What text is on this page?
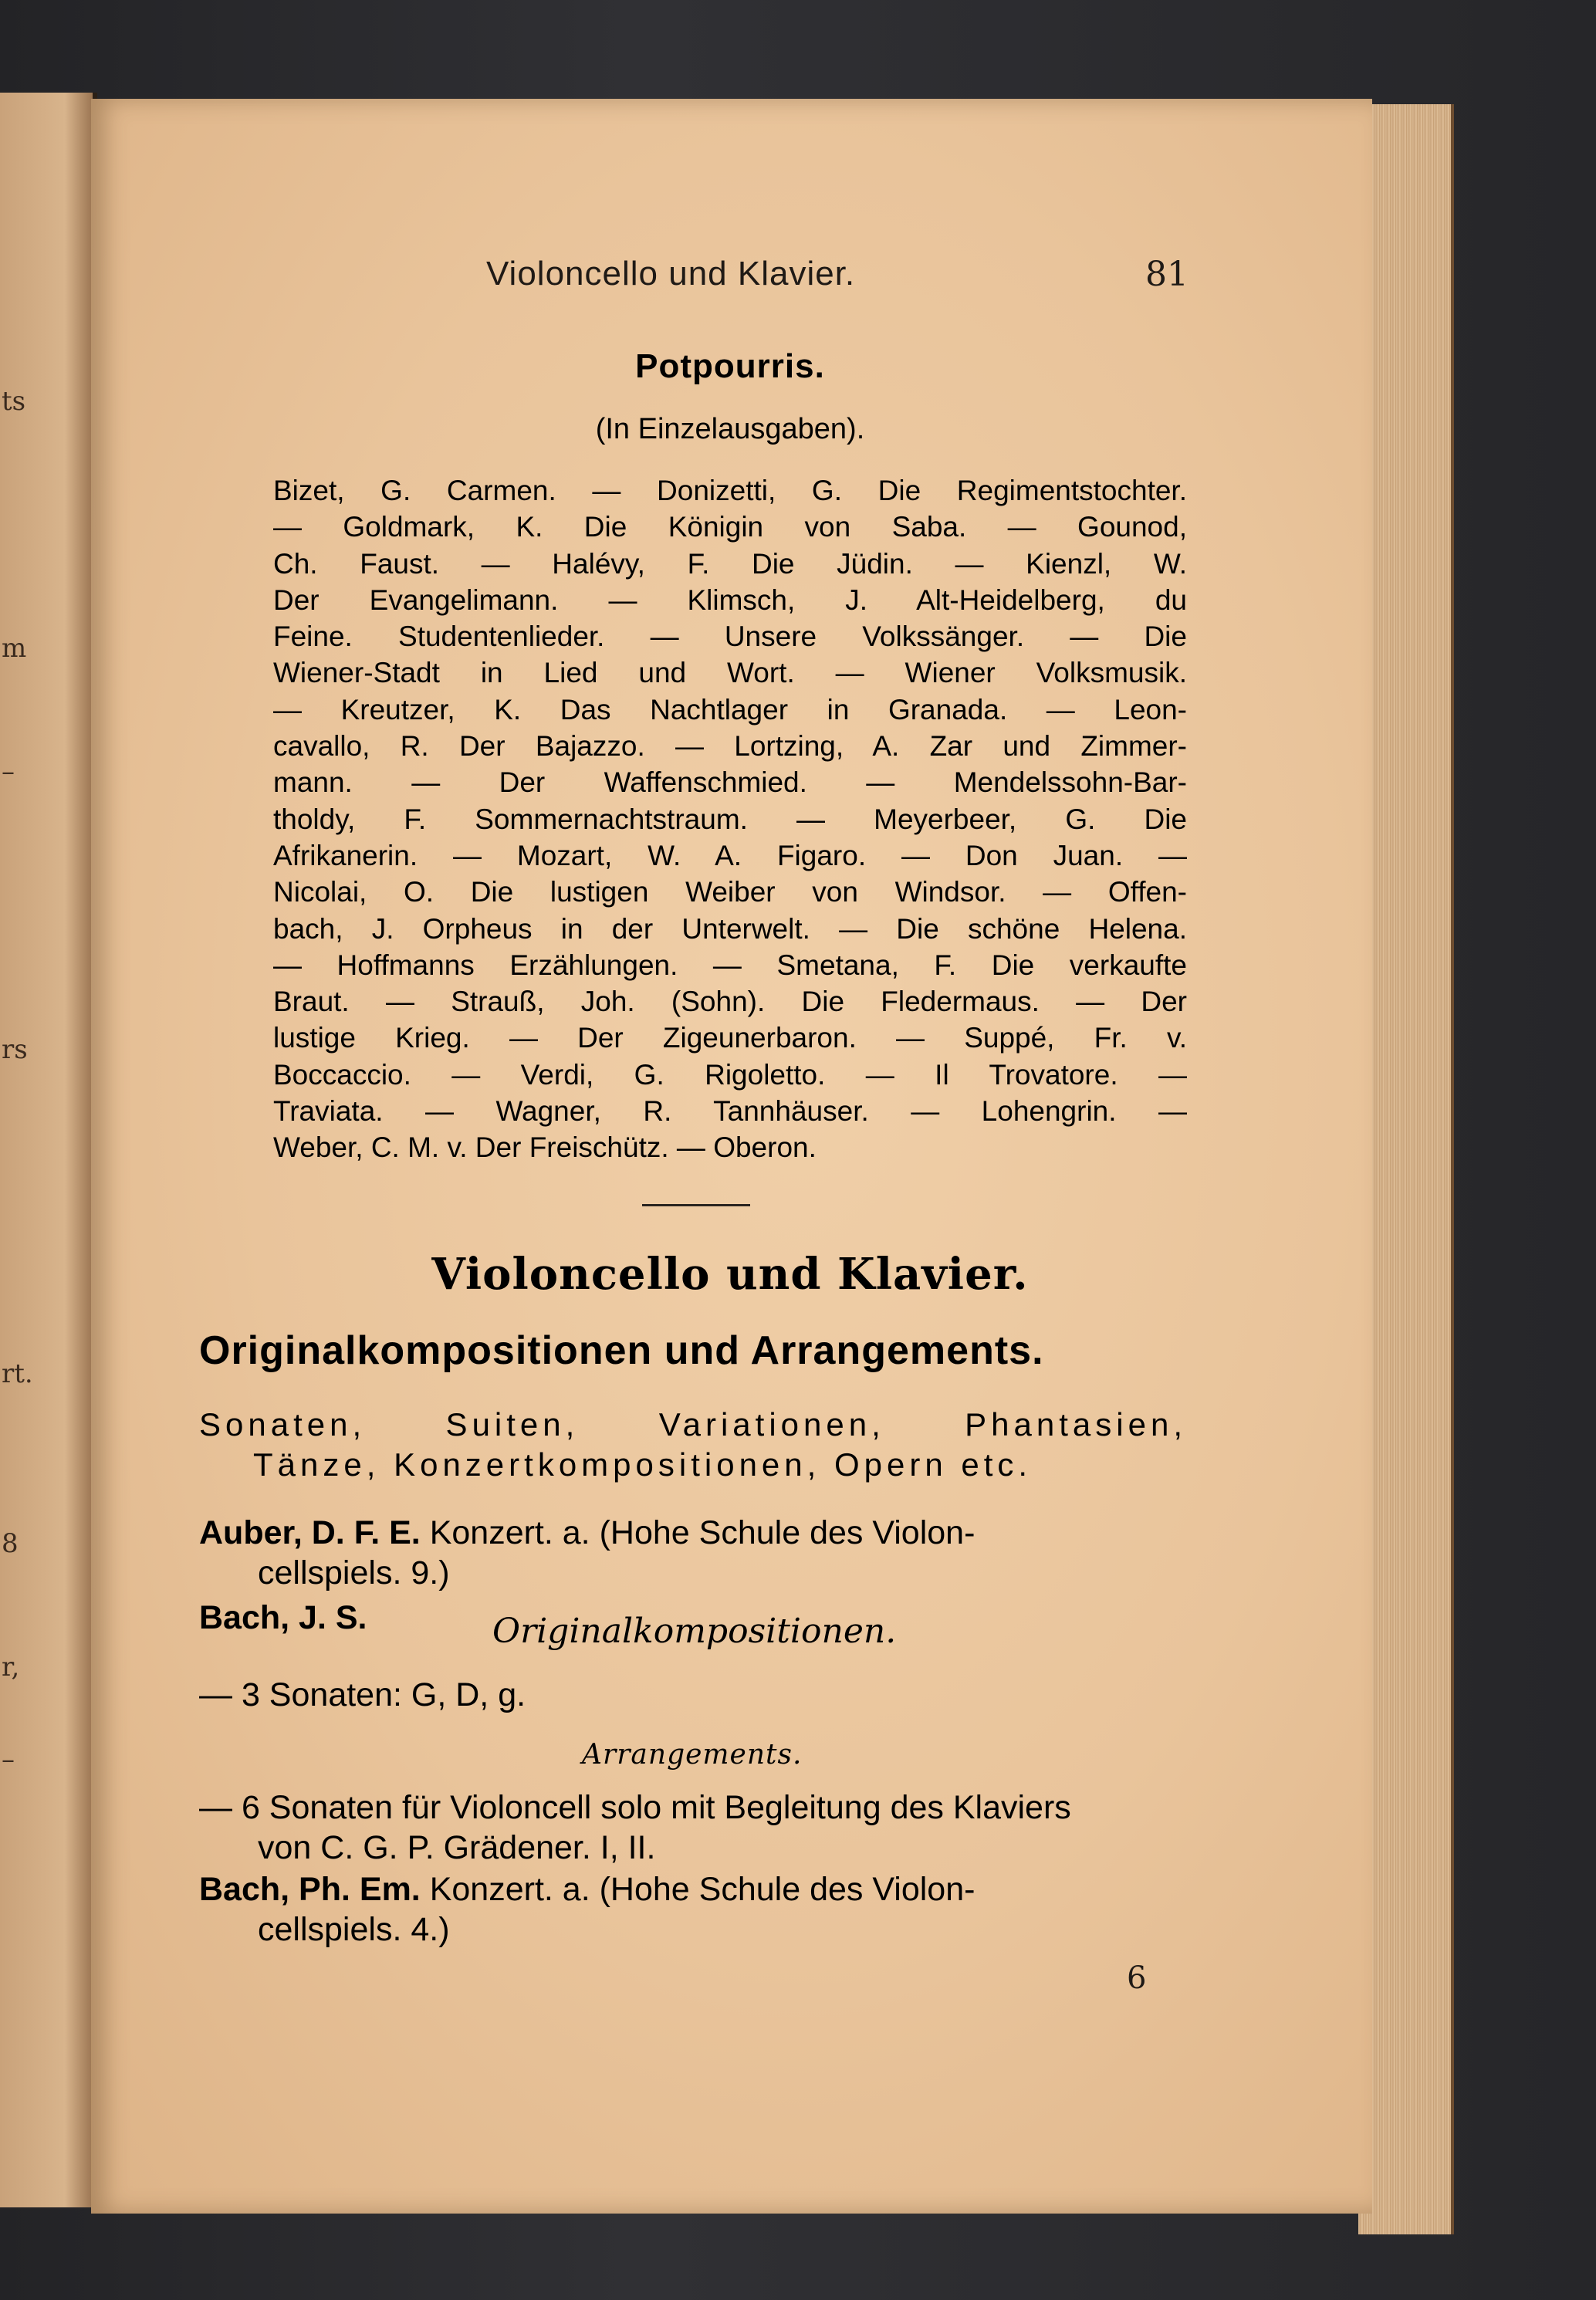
ts
m
–
rs
rt.
8
r,
–
Violoncello und Klavier.	81
Potpourris.
(In Einzelausgaben).
Bizet, G. Carmen. — Donizetti, G. Die Regimentstochter.
— Goldmark, K. Die Königin von Saba. — Gounod,
Ch. Faust. — Halévy, F. Die Jüdin. — Kienzl, W.
Der Evangelimann. — Klimsch, J. Alt-Heidelberg, du
Feine. Studentenlieder. — Unsere Volkssänger. — Die
Wiener-Stadt in Lied und Wort. — Wiener Volksmusik.
— Kreutzer, K. Das Nachtlager in Granada. — Leon-
cavallo, R. Der Bajazzo. — Lortzing, A. Zar und Zimmer-
mann. — Der Waffenschmied. — Mendelssohn-Bar-
tholdy, F. Sommernachtstraum. — Meyerbeer, G. Die
Afrikanerin. — Mozart, W. A. Figaro. — Don Juan. —
Nicolai, O. Die lustigen Weiber von Windsor. — Offen-
bach, J. Orpheus in der Unterwelt. — Die schöne Helena.
— Hoffmanns Erzählungen. — Smetana, F. Die verkaufte
Braut. — Strauß, Joh. (Sohn). Die Fledermaus. — Der
lustige Krieg. — Der Zigeunerbaron. — Suppé, Fr. v.
Boccaccio. — Verdi, G. Rigoletto. — Il Trovatore. —
Traviata. — Wagner, R. Tannhäuser. — Lohengrin. —
Weber, C. M. v. Der Freischütz. — Oberon.
Violoncello und Klavier.
Originalkompositionen und Arrangements.
Sonaten, Suiten, Variationen, Phantasien,
Tänze, Konzertkompositionen, Opern etc.
Auber, D. F. E. Konzert. a. (Hohe Schule des Violon-
cellspiels. 9.)
Bach, J. S.	Originalkompositionen.
— 3 Sonaten: G, D, g.
Arrangements.
— 6 Sonaten für Violoncell solo mit Begleitung des Klaviers
von C. G. P. Grädener. I, II.
Bach, Ph. Em. Konzert. a. (Hohe Schule des Violon-
cellspiels. 4.)
6
